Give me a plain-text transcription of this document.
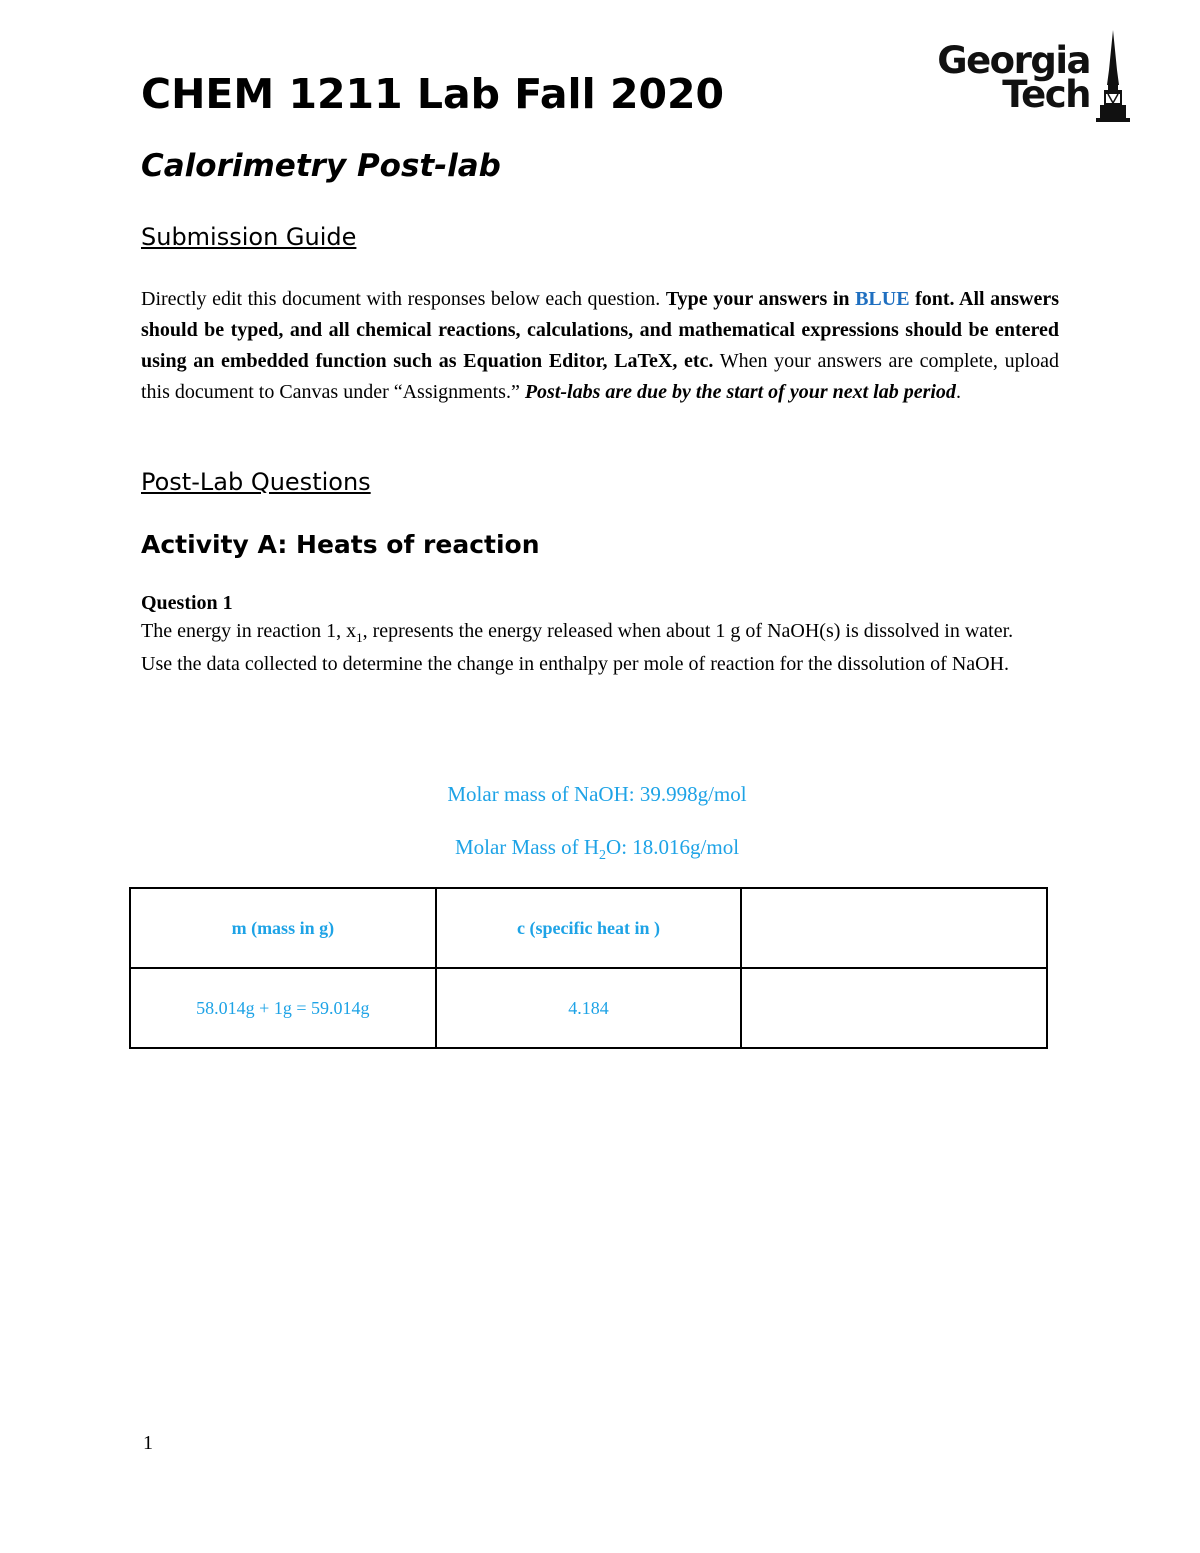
Georgia
Tech
CHEM 1211 Lab Fall 2020
Calorimetry Post-lab
Submission Guide

Directly edit this document with responses below each question. Type your answers in BLUE font. All answers should be typed, and all chemical reactions, calculations, and mathematical expressions should be entered using an embedded function such as Equation Editor, LaTeX, etc. When your answers are complete, upload this document to Canvas under “Assignments.” Post-labs are due by the start of your next lab period.

Post-Lab Questions
Activity A: Heats of reaction

Question 1

The energy in reaction 1, $x_1$, represents the energy released when about 1 g of NaOH(s) is dissolved in water. Use the data collected to determine the change in enthalpy per mole of reaction for the dissolution of NaOH.

Molar mass of NaOH: 39.998g/mol

Molar Mass of $H_2O$: 18.016g/mol

m (mass in g)	c (specific heat in )	
58.014g + 1g = 59.014g	4.184	

1
